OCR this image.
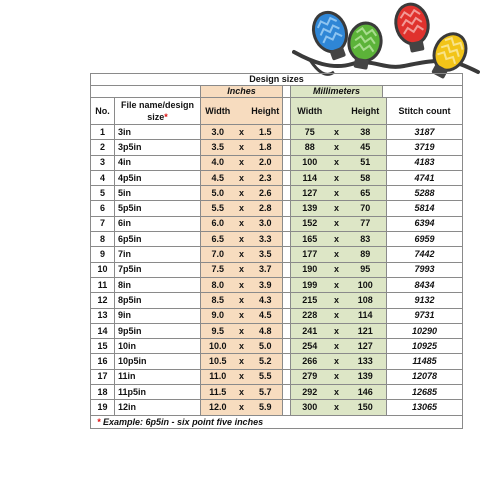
Design sizes										
		Inches				Millimeters				
No.	File name/design size*	Width		Height		Width		Height		Stitch count
1	3in	3.0	x	1.5		75	x	38		3187
2	3p5in	3.5	x	1.8		88	x	45		3719
3	4in	4.0	x	2.0		100	x	51		4183
4	4p5in	4.5	x	2.3		114	x	58		4741
5	5in	5.0	x	2.6		127	x	65		5288
6	5p5in	5.5	x	2.8		139	x	70		5814
7	6in	6.0	x	3.0		152	x	77		6394
8	6p5in	6.5	x	3.3		165	x	83		6959
9	7in	7.0	x	3.5		177	x	89		7442
10	7p5in	7.5	x	3.7		190	x	95		7993
11	8in	8.0	x	3.9		199	x	100		8434
12	8p5in	8.5	x	4.3		215	x	108		9132
13	9in	9.0	x	4.5		228	x	114		9731
14	9p5in	9.5	x	4.8		241	x	121		10290
15	10in	10.0	x	5.0		254	x	127		10925
16	10p5in	10.5	x	5.2		266	x	133		11485
17	11in	11.0	x	5.5		279	x	139		12078
18	11p5in	11.5	x	5.7		292	x	146		12685
19	12in	12.0	x	5.9		300	x	150		13065
* Example: 6p5in - six point five inches										
